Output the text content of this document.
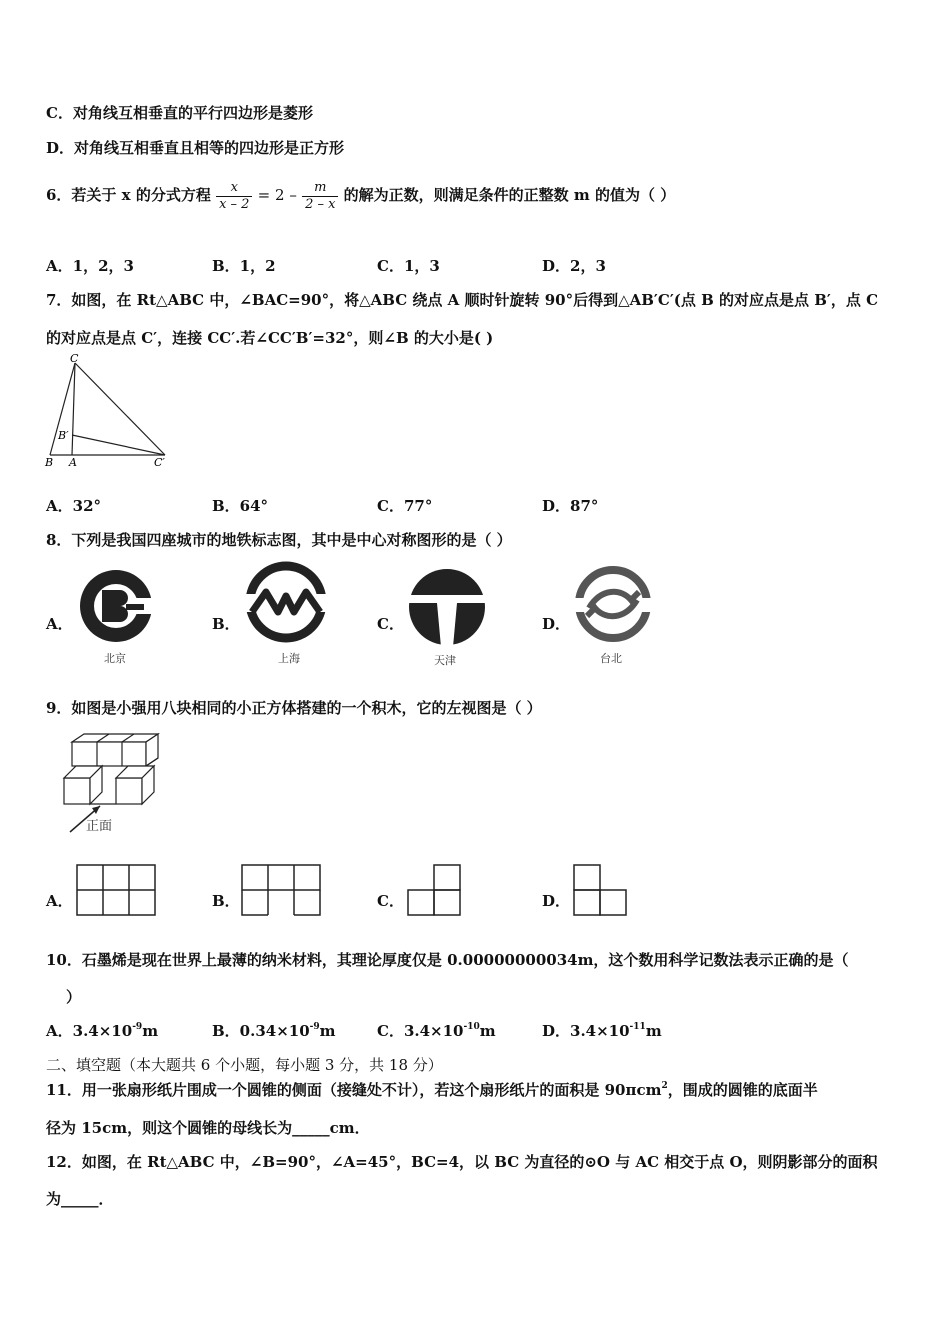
C．对角线互相垂直的平行四边形是菱形
D．对角线互相垂直且相等的四边形是正方形
6．若关于 x 的分式方程 $\frac{x}{x - 2} = 2 - \frac{m}{2 - x}$ 的解为正数，则满足条件的正整数 m 的值为（ ）
A．1，2，3	B．1，2	C．1，3	D．2，3
7．如图，在 Rt△ABC 中，∠BAC=90°，将△ABC 绕点 A 顺时针旋转 90°后得到△AB′C′(点 B 的对应点是点 B′，点 C
的对应点是点 C′，连接 CC′.若∠CC′B′=32°，则∠B 的大小是( )
C
B′
B A	C′
A．32°	B．64°	C．77°	D．87°
8．下列是我国四座城市的地铁标志图，其中是中心对称图形的是（ ）
A．
北京
B．
上海
C．
天津
D．
台北
9．如图是小强用八块相同的小正方体搭建的一个积木，它的左视图是（ ）
正面
A．	B．	C．	D．
10．石墨烯是现在世界上最薄的纳米材料，其理论厚度仅是 0.00000000034m，这个数用科学记数法表示正确的是（
）
A．$3.4\times 10^{-9}m$	B．$0.34\times 10^{-9}m$	C．$3.4\times 10^{-10}m$	D．$3.4\times 10^{-11}m$
二、填空题（本大题共 6 个小题，每小题 3 分，共 18 分）
11．用一张扇形纸片围成一个圆锥的侧面（接缝处不计），若这个扇形纸片的面积是 90πcm$^2$，围成的圆锥的底面半
径为 15cm，则这个圆锥的母线长为_____cm．
12．如图，在 Rt△ABC 中，∠B=90°，∠A=45°，BC=4，以 BC 为直径的⊙O 与 AC 相交于点 O，则阴影部分的面积
为_____．
